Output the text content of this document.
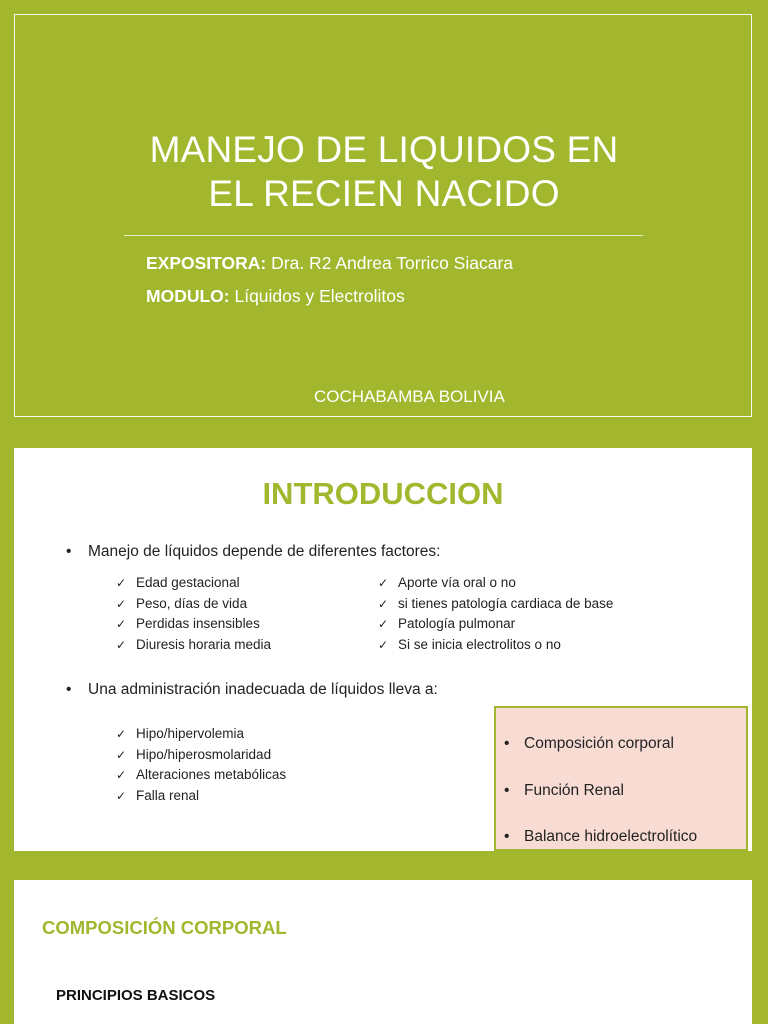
MANEJO DE LIQUIDOS EN
EL RECIEN NACIDO
EXPOSITORA: Dra. R2 Andrea Torrico Siacara
MODULO: Líquidos y Electrolitos
COCHABAMBA BOLIVIA
INTRODUCCION
• Manejo de líquidos depende de diferentes factores:
✓ Edad gestacional
✓ Peso, días de vida
✓ Perdidas insensibles
✓ Diuresis horaria media
✓ Aporte vía oral o no
✓ si tienes patología cardiaca de base
✓ Patología pulmonar
✓ Si se inicia electrolitos o no
• Una administración inadecuada de líquidos lleva a:
✓ Hipo/hipervolemia
✓ Hipo/hiperosmolaridad
✓ Alteraciones metabólicas
✓ Falla renal
• Composición corporal
• Función Renal
• Balance hidroelectrolítico
COMPOSICIÓN CORPORAL
PRINCIPIOS BASICOS
